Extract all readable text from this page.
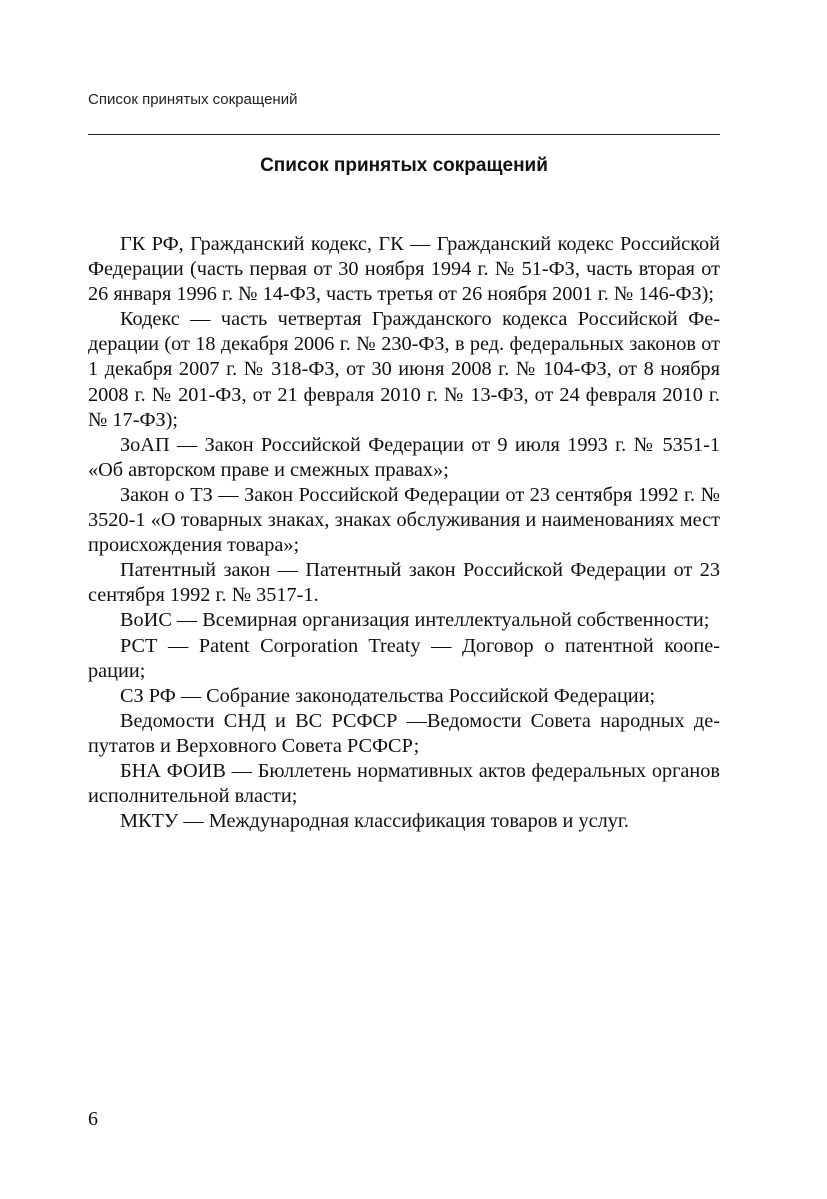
Список принятых сокращений
Список принятых сокращений
ГК РФ, Гражданский кодекс, ГК — Гражданский кодекс Российской Федерации (часть первая от 30 ноября 1994 г. № 51-ФЗ, часть вторая от 26 января 1996 г. № 14-ФЗ, часть третья от 26 ноября 2001 г. № 146-ФЗ);
Кодекс — часть четвертая Гражданского кодекса Российской Федерации (от 18 декабря 2006 г. № 230-ФЗ, в ред. федеральных законов от 1 декабря 2007 г. № 318-ФЗ, от 30 июня 2008 г. № 104-ФЗ, от 8 ноября 2008 г. № 201-ФЗ, от 21 февраля 2010 г. № 13-ФЗ, от 24 февраля 2010 г. № 17-ФЗ);
ЗоАП — Закон Российской Федерации от 9 июля 1993 г. № 5351-1 «Об авторском праве и смежных правах»;
Закон о ТЗ — Закон Российской Федерации от 23 сентября 1992 г. № 3520-1 «О товарных знаках, знаках обслуживания и наименованиях мест происхождения товара»;
Патентный закон — Патентный закон Российской Федерации от 23 сентября 1992 г. № 3517-1.
ВоИС — Всемирная организация интеллектуальной собственности;
РСТ — Patent Corporation Treaty — Договор о патентной кооперации;
СЗ РФ — Собрание законодательства Российской Федерации;
Ведомости СНД и ВС РСФСР —Ведомости Совета народных депутатов и Верховного Совета РСФСР;
БНА ФОИВ — Бюллетень нормативных актов федеральных органов исполнительной власти;
МКТУ — Международная классификация товаров и услуг.
6
